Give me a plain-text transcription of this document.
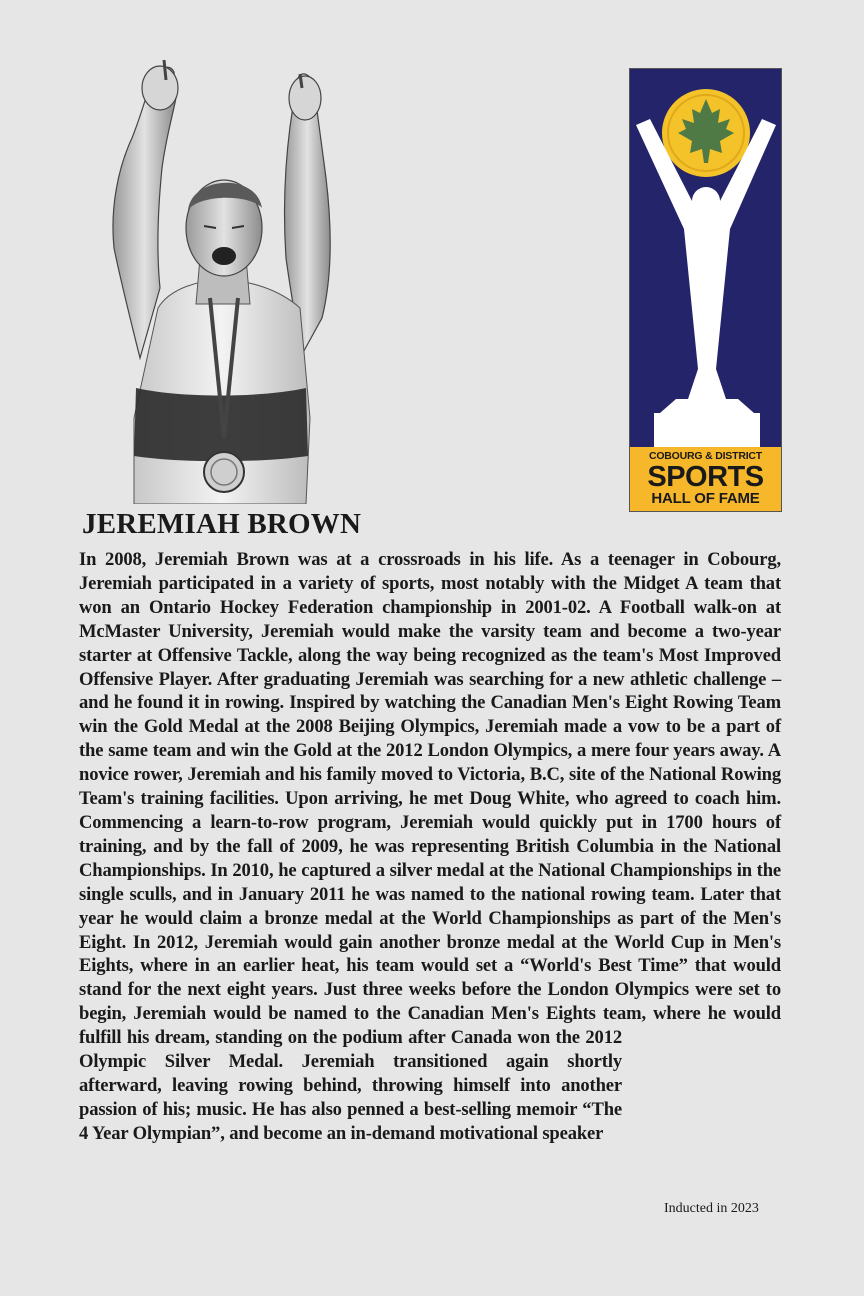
COBOURG & DISTRICT
SPORTS
HALL OF FAME
JEREMIAH BROWN
In 2008, Jeremiah Brown was at a crossroads in his life. As a teenager in Cobourg, Jeremiah participated in a variety of sports, most notably with the Midget A team that won an Ontario Hockey Federation championship in 2001-02. A Football walk-on at McMaster University, Jeremiah would make the varsity team and become a two-year starter at Offensive Tackle, along the way being recognized as the team's Most Improved Offensive Player. After graduating Jeremiah was searching for a new athletic challenge – and he found it in rowing. Inspired by watching the Canadian Men's Eight Rowing Team win the Gold Medal at the 2008 Beijing Olympics, Jeremiah made a vow to be a part of the same team and win the Gold at the 2012 London Olympics, a mere four years away. A novice rower, Jeremiah and his family moved to Victoria, B.C, site of the National Rowing Team's training facilities. Upon arriving, he met Doug White, who agreed to coach him. Commencing a learn-to-row program, Jeremiah would quickly put in 1700 hours of training, and by the fall of 2009, he was representing British Columbia in the National Championships. In 2010, he captured a silver medal at the National Championships in the single sculls, and in January 2011 he was named to the national rowing team. Later that year he would claim a bronze medal at the World Championships as part of the Men's Eight. In 2012, Jeremiah would gain another bronze medal at the World Cup in Men's Eights, where in an earlier heat, his team would set a “World's Best Time” that would stand for the next eight years. Just three weeks before the London Olympics were set to begin, Jeremiah would be named to the Canadian Men's Eights team, where he would fulfill his dream, standing on the podium after Canada won the 2012 Olympic Silver Medal. Jeremiah transitioned again shortly afterward, leaving rowing behind, throwing himself into another passion of his; music. He has also penned a best-selling memoir “The 4 Year Olympian”, and become an in-demand motivational speaker
Inducted in 2023
